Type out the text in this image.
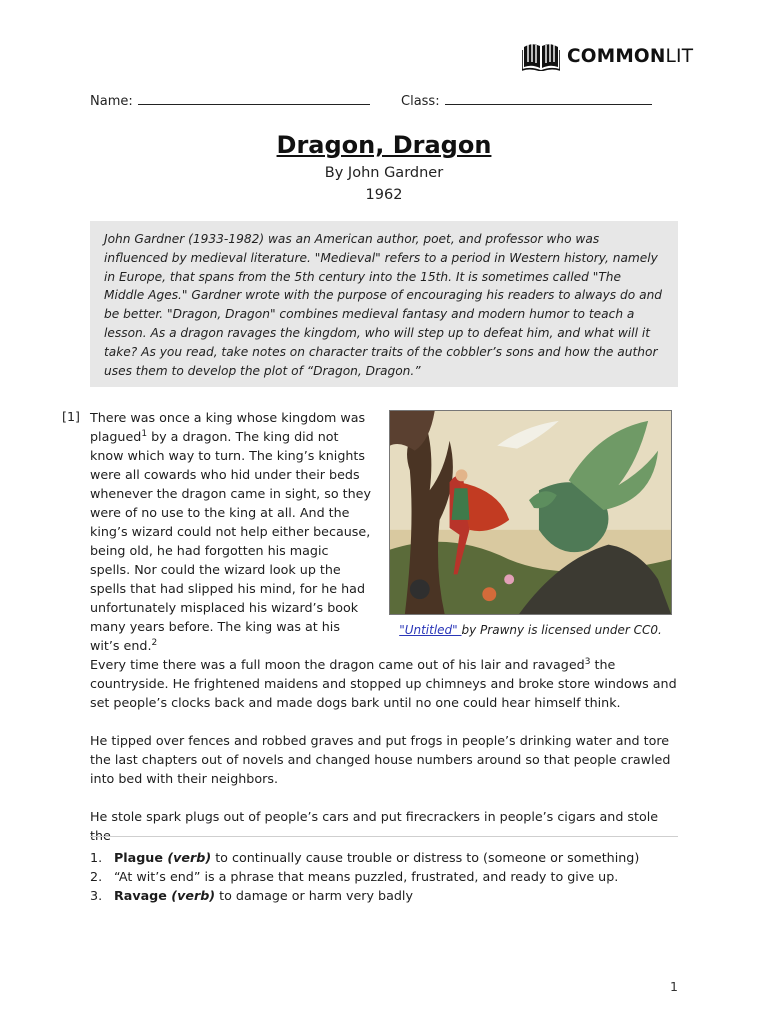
COMMONLIT
Name:	Class:
Dragon, Dragon
By John Gardner
1962

John Gardner (1933-1982) was an American author, poet, and professor who was influenced by medieval literature. "Medieval" refers to a period in Western history, namely in Europe, that spans from the 5th century into the 15th. It is sometimes called "The Middle Ages." Gardner wrote with the purpose of encouraging his readers to always do and be better. "Dragon, Dragon" combines medieval fantasy and modern humor to teach a lesson. As a dragon ravages the kingdom, who will step up to defeat him, and what will it take? As you read, take notes on character traits of the cobbler’s sons and how the author uses them to develop the plot of “Dragon, Dragon.”

[1] There was once a king whose kingdom was plagued$^1$ by a dragon. The king did not know which way to turn. The king’s knights were all cowards who hid under their beds whenever the dragon came in sight, so they were of no use to the king at all. And the king’s wizard could not help either because, being old, he had forgotten his magic spells. Nor could the wizard look up the spells that had slipped his mind, for he had unfortunately misplaced his wizard’s book many years before. The king was at his wit’s end.$^2$

"Untitled" by Prawny is licensed under CC0.

Every time there was a full moon the dragon came out of his lair and ravaged$^3$ the countryside. He frightened maidens and stopped up chimneys and broke store windows and set people’s clocks back and made dogs bark until no one could hear himself think.

He tipped over fences and robbed graves and put frogs in people’s drinking water and tore the last chapters out of novels and changed house numbers around so that people crawled into bed with their neighbors.

He stole spark plugs out of people’s cars and put firecrackers in people’s cigars and stole the

1. Plague (verb) to continually cause trouble or distress to (someone or something)
2. “At wit’s end” is a phrase that means puzzled, frustrated, and ready to give up.
3. Ravage (verb) to damage or harm very badly
1
